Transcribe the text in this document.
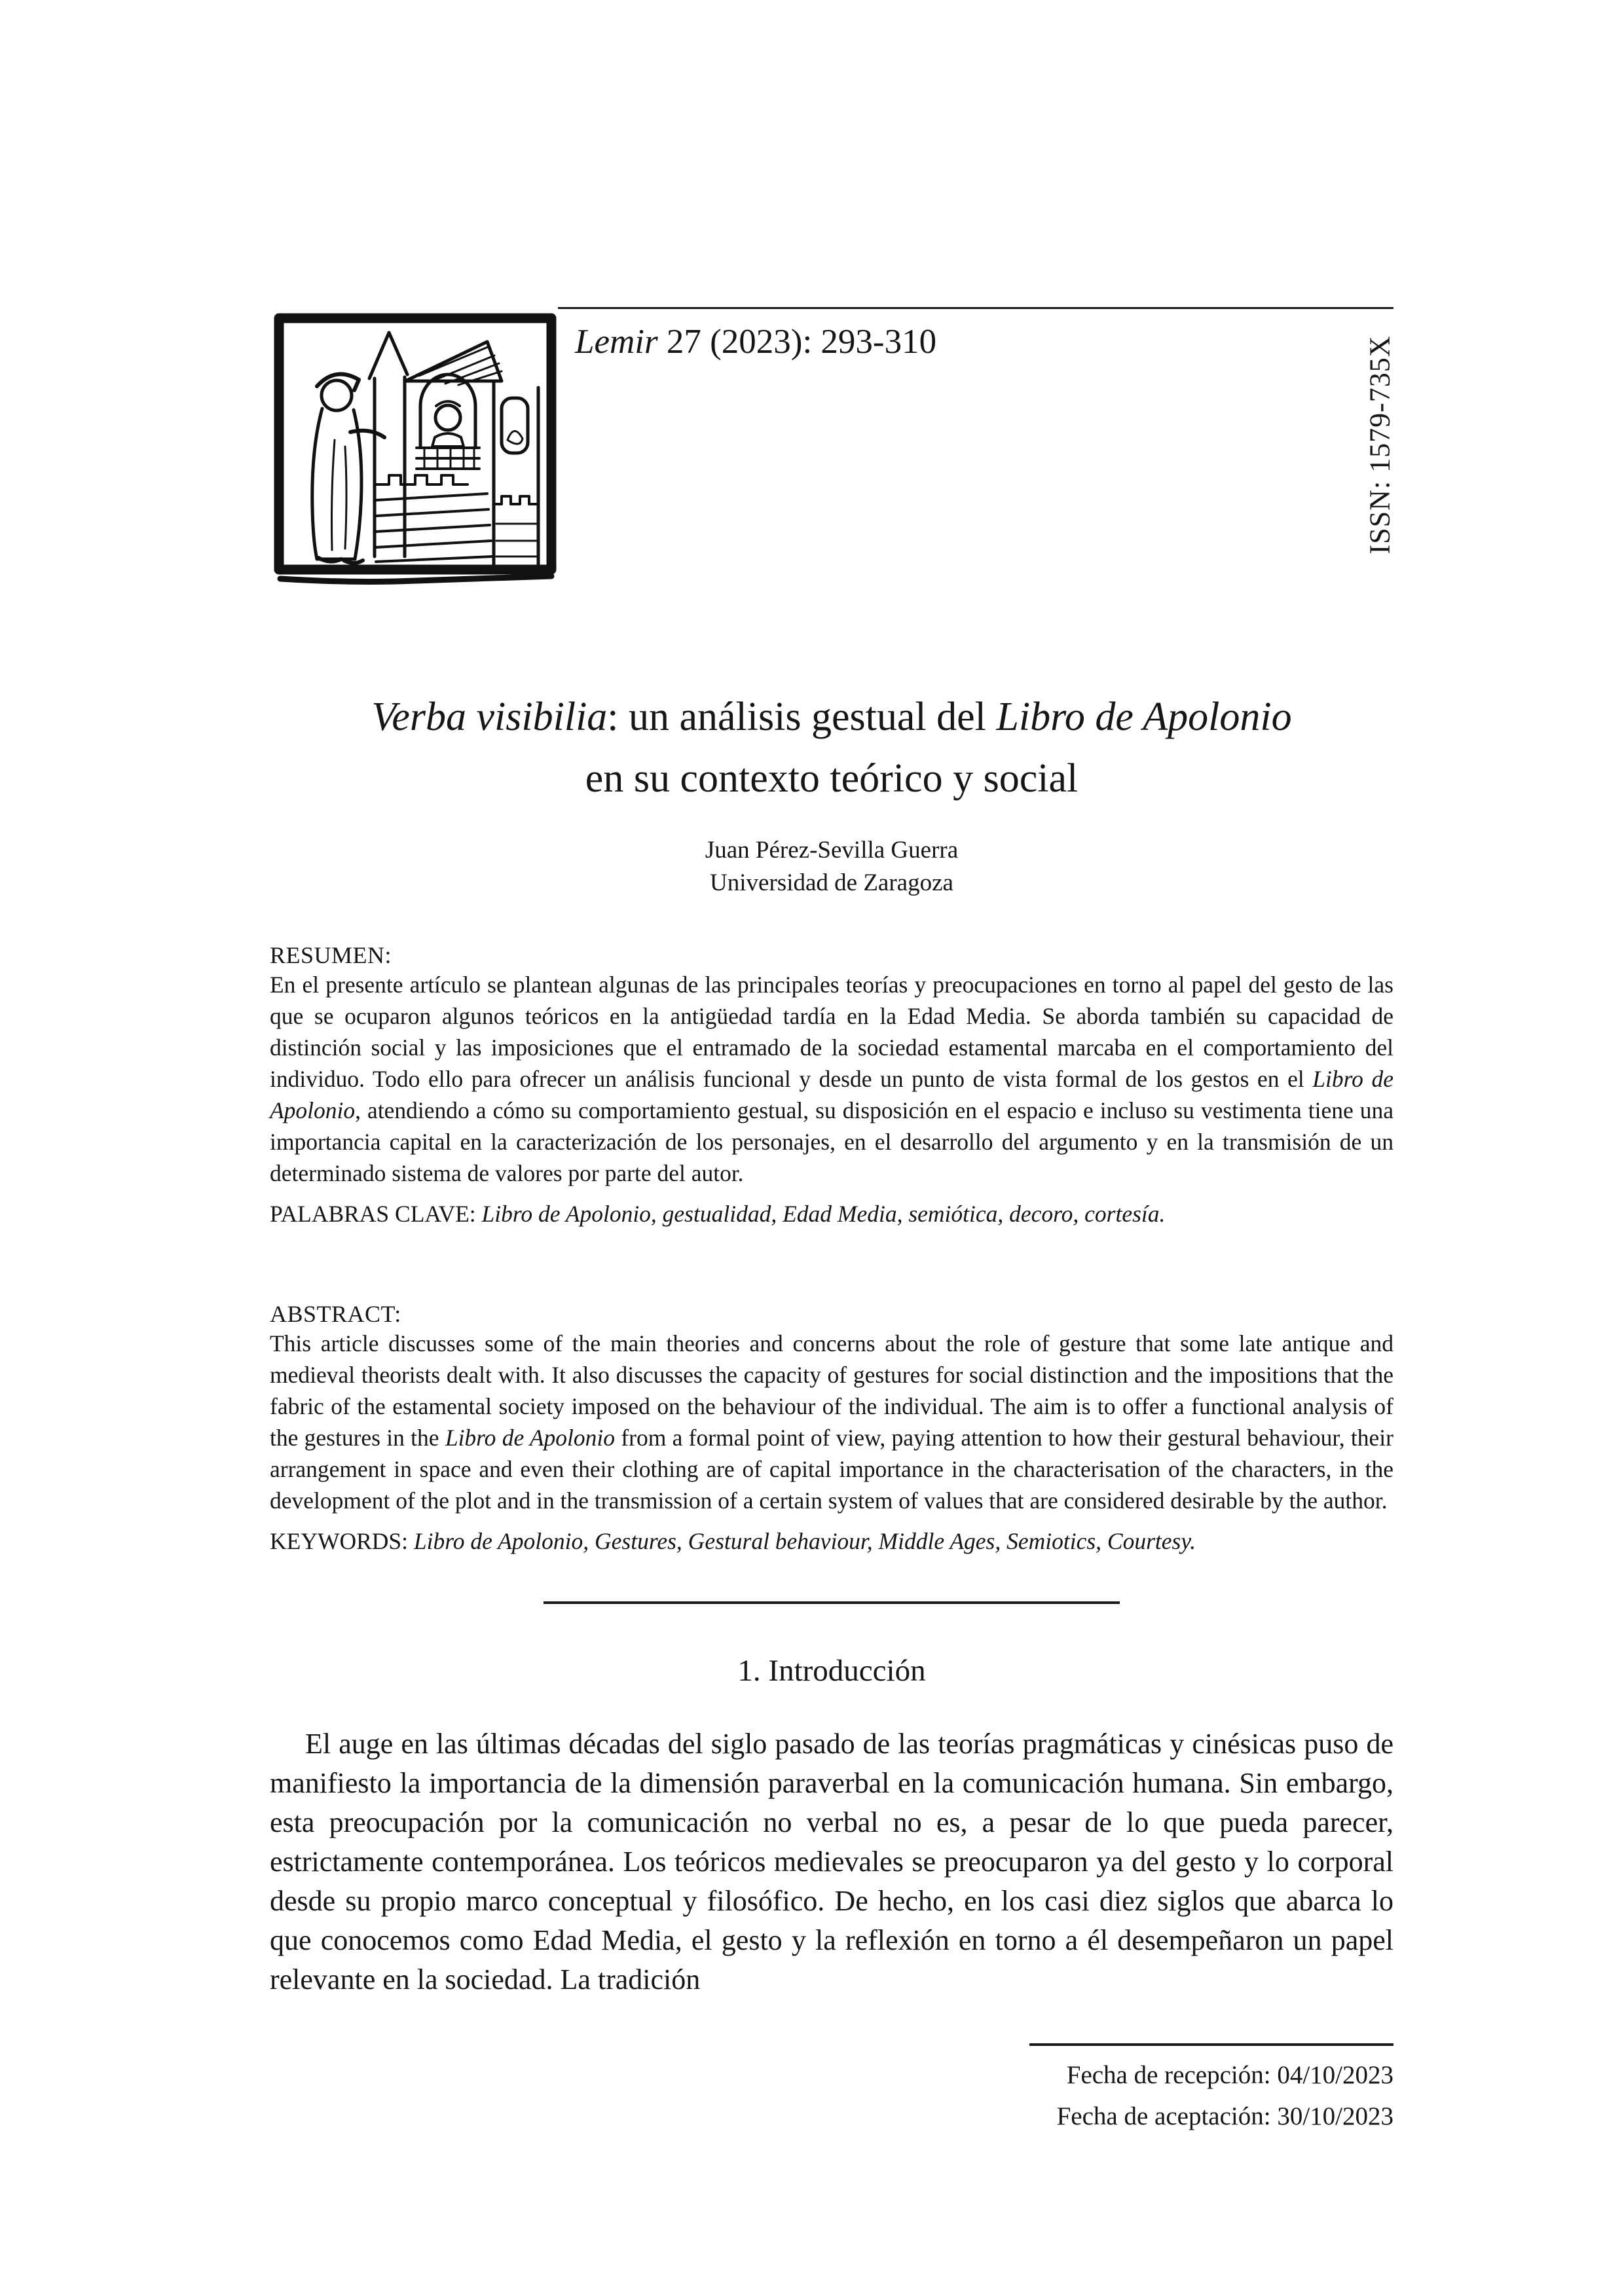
Lemir 27 (2023): 293-310	ISSN: 1579-735X
Verba visibilia: un análisis gestual del Libro de Apolonio
en su contexto teórico y social
Juan Pérez-Sevilla Guerra
Universidad de Zaragoza
RESUMEN:
En el presente artículo se plantean algunas de las principales teorías y preocupaciones en torno al papel del gesto de las que se ocuparon algunos teóricos en la antigüedad tardía en la Edad Media. Se aborda también su capacidad de distinción social y las imposiciones que el entramado de la sociedad estamental marcaba en el comportamiento del individuo. Todo ello para ofrecer un análisis funcional y desde un punto de vista formal de los gestos en el Libro de Apolonio, atendiendo a cómo su comportamiento gestual, su disposición en el espacio e incluso su vestimenta tiene una importancia capital en la caracterización de los personajes, en el desarrollo del argumento y en la transmisión de un determinado sistema de valores por parte del autor.
PALABRAS CLAVE: Libro de Apolonio, gestualidad, Edad Media, semiótica, decoro, cortesía.
ABSTRACT:
This article discusses some of the main theories and concerns about the role of gesture that some late antique and medieval theorists dealt with. It also discusses the capacity of gestures for social distinction and the impositions that the fabric of the estamental society imposed on the behaviour of the individual. The aim is to offer a functional analysis of the gestures in the Libro de Apolonio from a formal point of view, paying attention to how their gestural behaviour, their arrangement in space and even their clothing are of capital importance in the characterisation of the characters, in the development of the plot and in the transmission of a certain system of values that are considered desirable by the author.
KEYWORDS: Libro de Apolonio, Gestures, Gestural behaviour, Middle Ages, Semiotics, Courtesy.
1. Introducción
El auge en las últimas décadas del siglo pasado de las teorías pragmáticas y cinésicas puso de manifiesto la importancia de la dimensión paraverbal en la comunicación humana. Sin embargo, esta preocupación por la comunicación no verbal no es, a pesar de lo que pueda parecer, estrictamente contemporánea. Los teóricos medievales se preocuparon ya del gesto y lo corporal desde su propio marco conceptual y filosófico. De hecho, en los casi diez siglos que abarca lo que conocemos como Edad Media, el gesto y la reflexión en torno a él desempeñaron un papel relevante en la sociedad. La tradición
Fecha de recepción: 04/10/2023
Fecha de aceptación: 30/10/2023
